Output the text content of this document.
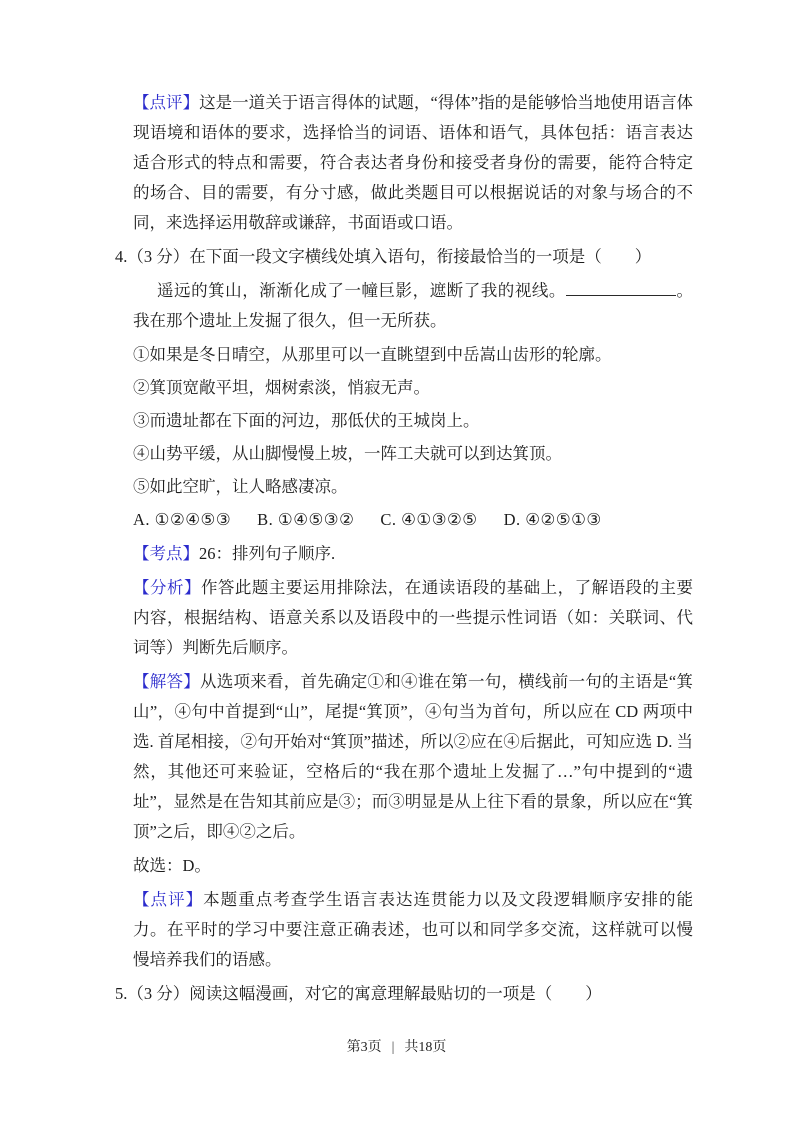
【点评】这是一道关于语言得体的试题，“得体”指的是能够恰当地使用语言体现语境和语体的要求，选择恰当的词语、语体和语气，具体包括：语言表达适合形式的特点和需要，符合表达者身份和接受者身份的需要，能符合特定的场合、目的需要，有分寸感，做此类题目可以根据说话的对象与场合的不同，来选择运用敬辞或谦辞，书面语或口语。

4.（3 分）在下面一段文字横线处填入语句，衔接最恰当的一项是（　　）

遥远的箕山，渐渐化成了一幢巨影，遮断了我的视线。	。我在那个遗址上发掘了很久，但一无所获。

①如果是冬日晴空，从那里可以一直眺望到中岳嵩山齿形的轮廓。

②箕顶宽敞平坦，烟树索淡，悄寂无声。

③而遗址都在下面的河边，那低伏的王城岗上。

④山势平缓，从山脚慢慢上坡，一阵工夫就可以到达箕顶。

⑤如此空旷，让人略感凄凉。

A. ①②④⑤③ B. ①④⑤③② C. ④①③②⑤ D. ④②⑤①③

【考点】26：排列句子顺序.

【分析】作答此题主要运用排除法，在通读语段的基础上，了解语段的主要内容，根据结构、语意关系以及语段中的一些提示性词语（如：关联词、代词等）判断先后顺序。

【解答】从选项来看，首先确定①和④谁在第一句，横线前一句的主语是“箕山”，④句中首提到“山”，尾提“箕顶”，④句当为首句，所以应在 CD 两项中选. 首尾相接，②句开始对“箕顶”描述，所以②应在④后据此，可知应选 D. 当然，其他还可来验证，空格后的“我在那个遗址上发掘了…”句中提到的“遗址”，显然是在告知其前应是③；而③明显是从上往下看的景象，所以应在“箕顶”之后，即④②之后。

故选：D。

【点评】本题重点考查学生语言表达连贯能力以及文段逻辑顺序安排的能力。在平时的学习中要注意正确表述，也可以和同学多交流，这样就可以慢慢培养我们的语感。

5.（3 分）阅读这幅漫画，对它的寓意理解最贴切的一项是（　　）

第3页 | 共18页
